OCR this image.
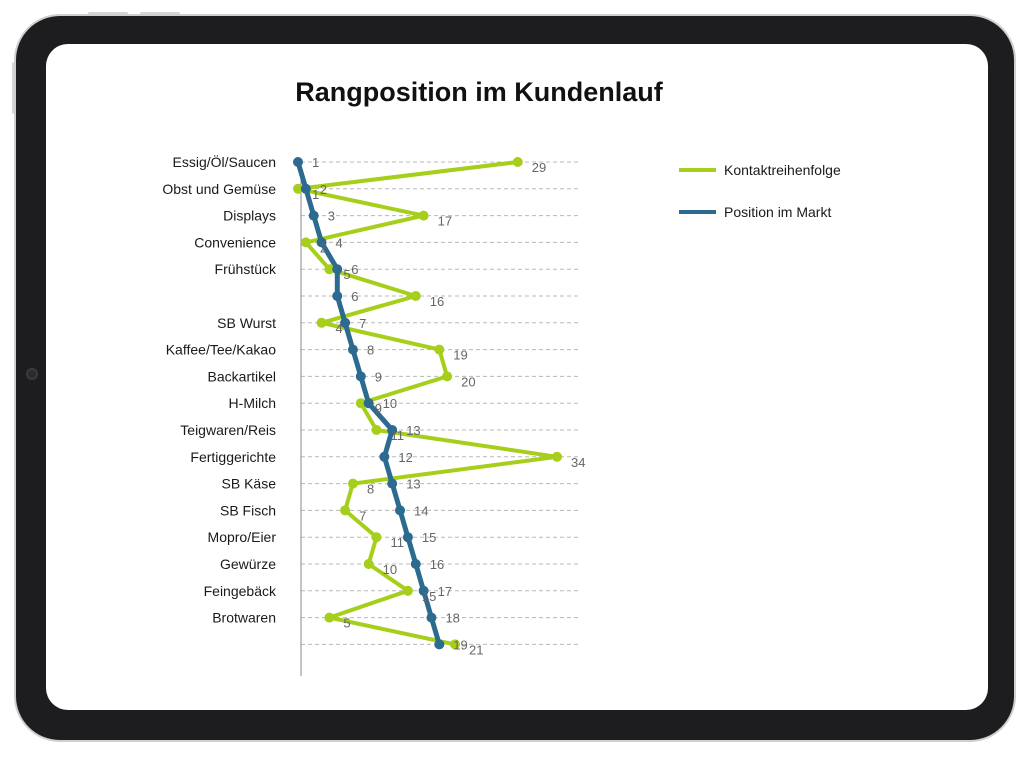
Rangposition im Kundenlauf
Essig/Öl/Saucen
Obst und Gemüse
Displays
Convenience
Frühstück
SB Wurst
Kaffee/Tee/Kakao
Backartikel
H-Milch
Teigwaren/Reis
Fertiggerichte
SB Käse
SB Fisch
Mopro/Eier
Gewürze
Feingebäck
Brotwaren
29
1
17
2
5
16
4
19
20
9
11
34
8
7
11
10
15
5
21
1
2
3
4
6
6
7
8
9
10
13
12
13
14
15
16
17
18
19
Kontaktreihenfolge
Position im Markt
